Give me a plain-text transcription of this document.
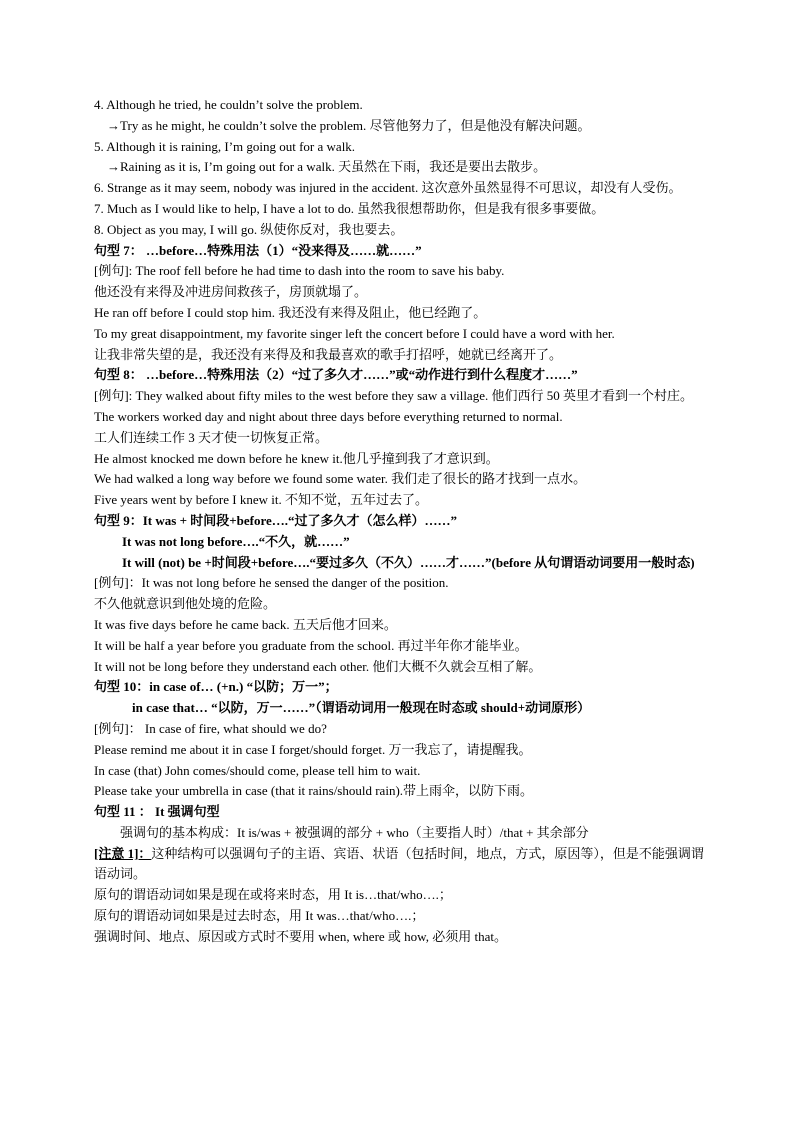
4. Although he tried, he couldn’t solve the problem.
→Try as he might, he couldn’t solve the problem. 尽管他努力了，但是他没有解决问题。
5. Although it is raining, I’m going out for a walk.
→Raining as it is, I’m going out for a walk. 天虽然在下雨，我还是要出去散步。
6. Strange as it may seem, nobody was injured in the accident. 这次意外虽然显得不可思议，却没有人受伤。
7. Much as I would like to help, I have a lot to do. 虽然我很想帮助你，但是我有很多事要做。
8. Object as you may, I will go. 纵使你反对，我也要去。
句型 7： …before…特殊用法（1）“没来得及……就……”
[例句]: The roof fell before he had time to dash into the room to save his baby.
他还没有来得及冲进房间救孩子，房顶就塌了。
He ran off before I could stop him. 我还没有来得及阻止，他已经跑了。
To my great disappointment, my favorite singer left the concert before I could have a word with her.
让我非常失望的是，我还没有来得及和我最喜欢的歌手打招呼，她就已经离开了。
句型 8： …before…特殊用法（2）“过了多久才……”或“动作进行到什么程度才……”
[例句]: They walked about fifty miles to the west before they saw a village. 他们西行 50 英里才看到一个村庄。
The workers worked day and night about three days before everything returned to normal.
工人们连续工作 3 天才使一切恢复正常。
He almost knocked me down before he knew it.他几乎撞到我了才意识到。
We had walked a long way before we found some water. 我们走了很长的路才找到一点水。
Five years went by before I knew it. 不知不觉，五年过去了。
句型 9：It was + 时间段+before….“过了多久才（怎么样）……”
It was not long before….“不久，就……”
It will (not) be +时间段+before….“要过多久（不久）……才……”(before 从句谓语动词要用一般时态)
[例句]：It was not long before he sensed the danger of the position.
不久他就意识到他处境的危险。
It was five days before he came back. 五天后他才回来。
It will be half a year before you graduate from the school. 再过半年你才能毕业。
It will not be long before they understand each other. 他们大概不久就会互相了解。
句型 10：in case of… (+n.) “以防；万一”；
in case that… “以防，万一……”（谓语动词用一般现在时态或 should+动词原形）
[例句]： In case of fire, what should we do?
Please remind me about it in case I forget/should forget. 万一我忘了，请提醒我。
In case (that) John comes/should come, please tell him to wait.
Please take your umbrella in case (that it rains/should rain).带上雨伞，以防下雨。
句型 11 ： It 强调句型
强调句的基本构成：It is/was + 被强调的部分 + who（主要指人时）/that + 其余部分
[注意 1]：这种结构可以强调句子的主语、宾语、状语（包括时间，地点，方式，原因等），但是不能强调谓语动词。
原句的谓语动词如果是现在或将来时态，用 It is…that/who….；
原句的谓语动词如果是过去时态，用 It was…that/who….；
强调时间、地点、原因或方式时不要用 when, where 或 how, 必须用 that。
